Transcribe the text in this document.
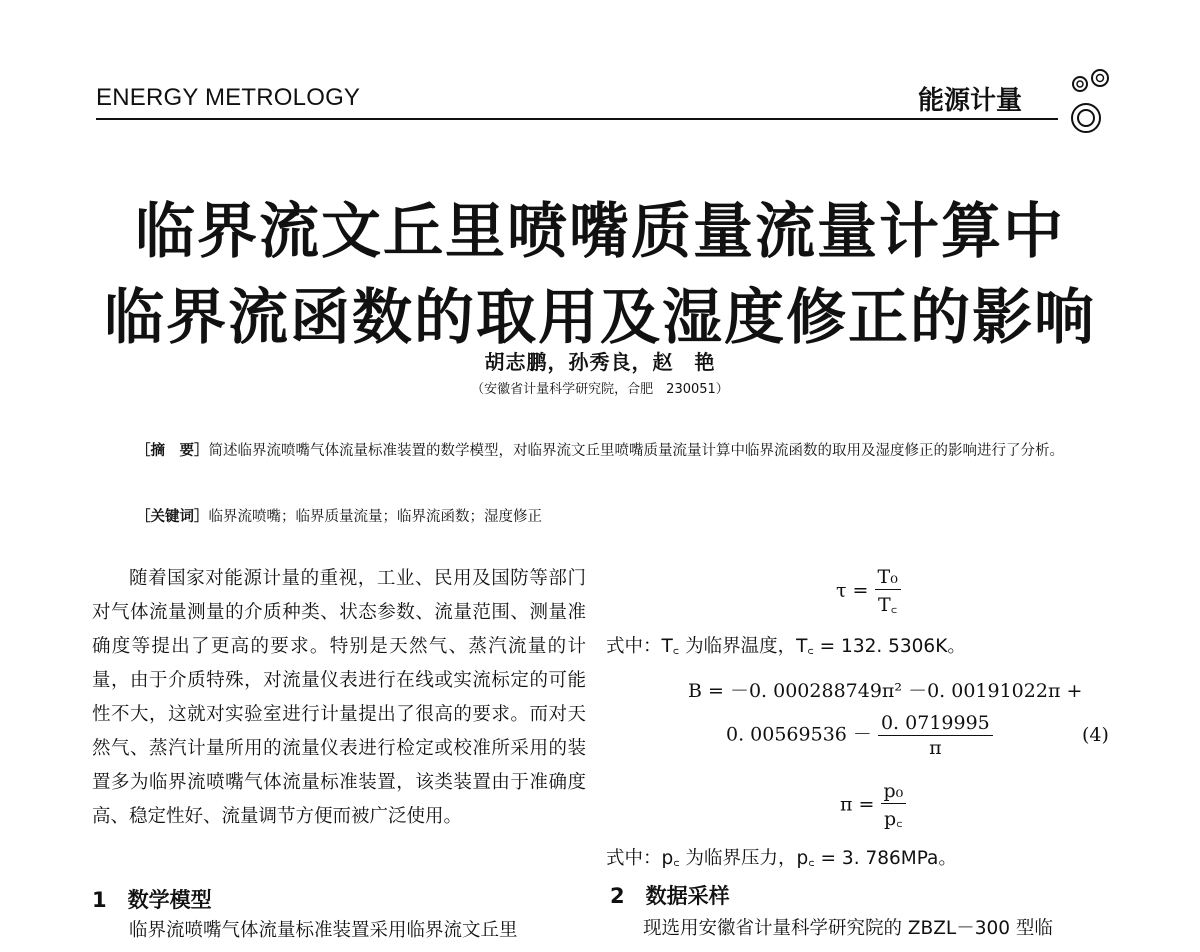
ENERGY METROLOGY	能源计量
临界流文丘里喷嘴质量流量计算中
临界流函数的取用及湿度修正的影响
胡志鹏，孙秀良，赵　艳
（安徽省计量科学研究院，合肥　230051）
［摘　要］简述临界流喷嘴气体流量标准装置的数学模型，对临界流文丘里喷嘴质量流量计算中临界流函数的取用及湿度修正的影响进行了分析。
［关键词］临界流喷嘴；临界质量流量；临界流函数；湿度修正
随着国家对能源计量的重视，工业、民用及国防等部门对气体流量测量的介质种类、状态参数、流量范围、测量准确度等提出了更高的要求。特别是天然气、蒸汽流量的计量，由于介质特殊，对流量仪表进行在线或实流标定的可能性不大，这就对实验室进行计量提出了很高的要求。而对天然气、蒸汽计量所用的流量仪表进行检定或校准所采用的装置多为临界流喷嘴气体流量标准装置，该类装置由于准确度高、稳定性好、流量调节方便而被广泛使用。
1　数学模型
临界流喷嘴气体流量标准装置采用临界流文丘里
$\tau = \frac{\text{T₀}}{T꜀}$
式中：T꜀ 为临界温度，T꜀ = 132. 5306K。
B = －0. 000288749π² －0. 00191022π +
0. $00569536 - \frac{0. 0719995}{\pi}$	(4)
$\pi = \frac{\text{p₀}}{p꜀}$
式中：p꜀ 为临界压力，p꜀ = 3. 786MPa。
2　数据采样
现选用安徽省计量科学研究院的 ZBZL－300 型临
